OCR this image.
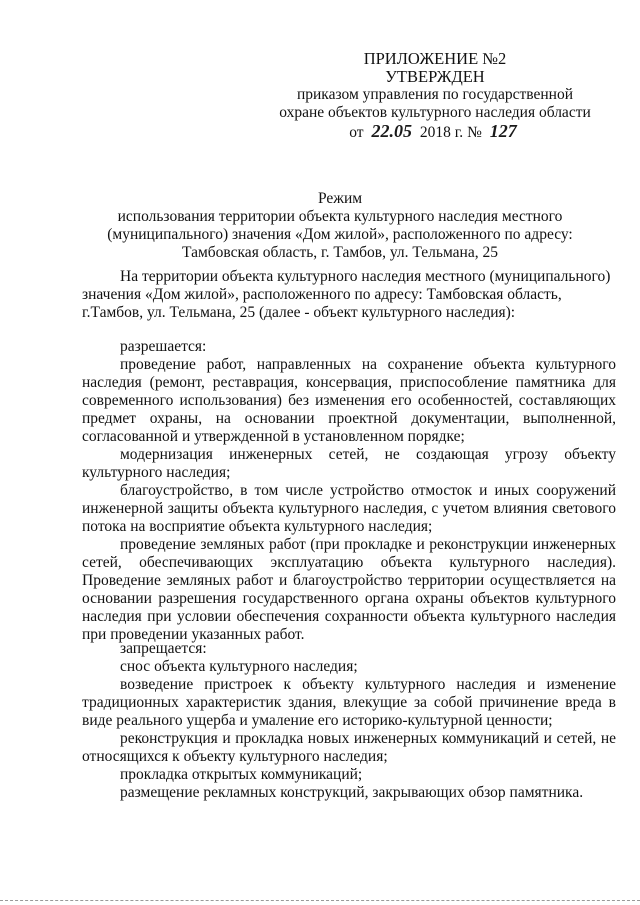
ПРИЛОЖЕНИЕ №2
УТВЕРЖДЕН
приказом управления по государственной
охране объектов культурного наследия области
от 22.05 2018 г. № 127
Режим
использования территории объекта культурного наследия местного
(муниципального) значения «Дом жилой», расположенного по адресу:
Тамбовская область, г. Тамбов, ул. Тельмана, 25

На территории объекта культурного наследия местного (муниципального)

значения «Дом жилой», расположенного по адресу: Тамбовская область,

г.Тамбов, ул. Тельмана, 25 (далее - объект культурного наследия):

разрешается:

проведение работ, направленных на сохранение объекта культурного наследия (ремонт, реставрация, консервация, приспособление памятника для современного использования) без изменения его особенностей, составляющих предмет охраны, на основании проектной документации, выполненной, согласованной и утвержденной в установленном порядке;

модернизация инженерных сетей, не создающая угрозу объекту культурного наследия;

благоустройство, в том числе устройство отмосток и иных сооружений инженерной защиты объекта культурного наследия, с учетом влияния светового потока на восприятие объекта культурного наследия;

проведение земляных работ (при прокладке и реконструкции инженерных сетей, обеспечивающих эксплуатацию объекта культурного наследия). Проведение земляных работ и благоустройство территории осуществляется на основании разрешения государственного органа охраны объектов культурного наследия при условии обеспечения сохранности объекта культурного наследия при проведении указанных работ.

запрещается:

снос объекта культурного наследия;

возведение пристроек к объекту культурного наследия и изменение традиционных характеристик здания, влекущие за собой причинение вреда в виде реального ущерба и умаление его историко-культурной ценности;

реконструкция и прокладка новых инженерных коммуникаций и сетей, не относящихся к объекту культурного наследия;

прокладка открытых коммуникаций;

размещение рекламных конструкций, закрывающих обзор памятника.
